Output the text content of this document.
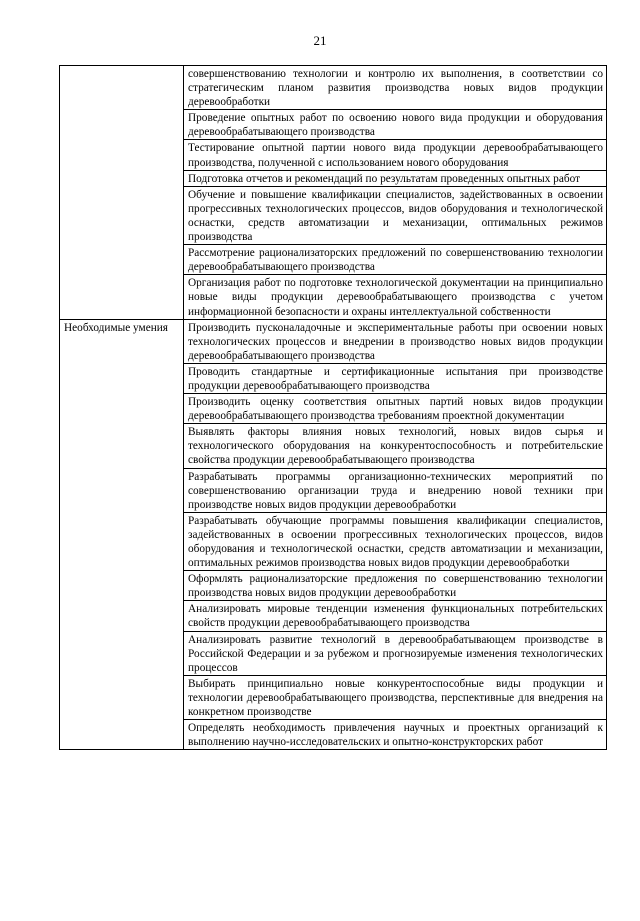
21
	совершенствованию технологии и контролю их выполнения, в соответствии со стратегическим планом развития производства новых видов продукции деревообработки
	Проведение опытных работ по освоению нового вида продукции и оборудования деревообрабатывающего производства
	Тестирование опытной партии нового вида продукции деревообрабатывающего производства, полученной с использованием нового оборудования
	Подготовка отчетов и рекомендаций по результатам проведенных опытных работ
	Обучение и повышение квалификации специалистов, задействованных в освоении прогрессивных технологических процессов, видов оборудования и технологической оснастки, средств автоматизации и механизации, оптимальных режимов производства
	Рассмотрение рационализаторских предложений по совершенствованию технологии деревообрабатывающего производства
	Организация работ по подготовке технологической документации на принципиально новые виды продукции деревообрабатывающего производства с учетом информационной безопасности и охраны интеллектуальной собственности
Необходимые умения	Производить пусконаладочные и экспериментальные работы при освоении новых технологических процессов и внедрении в производство новых видов продукции деревообрабатывающего производства
	Проводить стандартные и сертификационные испытания при производстве продукции деревообрабатывающего производства
	Производить оценку соответствия опытных партий новых видов продукции деревообрабатывающего производства требованиям проектной документации
	Выявлять факторы влияния новых технологий, новых видов сырья и технологического оборудования на конкурентоспособность и потребительские свойства продукции деревообрабатывающего производства
	Разрабатывать программы организационно-технических мероприятий по совершенствованию организации труда и внедрению новой техники при производстве новых видов продукции деревообработки
	Разрабатывать обучающие программы повышения квалификации специалистов, задействованных в освоении прогрессивных технологических процессов, видов оборудования и технологической оснастки, средств автоматизации и механизации, оптимальных режимов производства новых видов продукции деревообработки
	Оформлять рационализаторские предложения по совершенствованию технологии производства новых видов продукции деревообработки
	Анализировать мировые тенденции изменения функциональных потребительских свойств продукции деревообрабатывающего производства
	Анализировать развитие технологий в деревообрабатывающем производстве в Российской Федерации и за рубежом и прогнозируемые изменения технологических процессов
	Выбирать принципиально новые конкурентоспособные виды продукции и технологии деревообрабатывающего производства, перспективные для внедрения на конкретном производстве
	Определять необходимость привлечения научных и проектных организаций к выполнению научно-исследовательских и опытно-конструкторских работ
